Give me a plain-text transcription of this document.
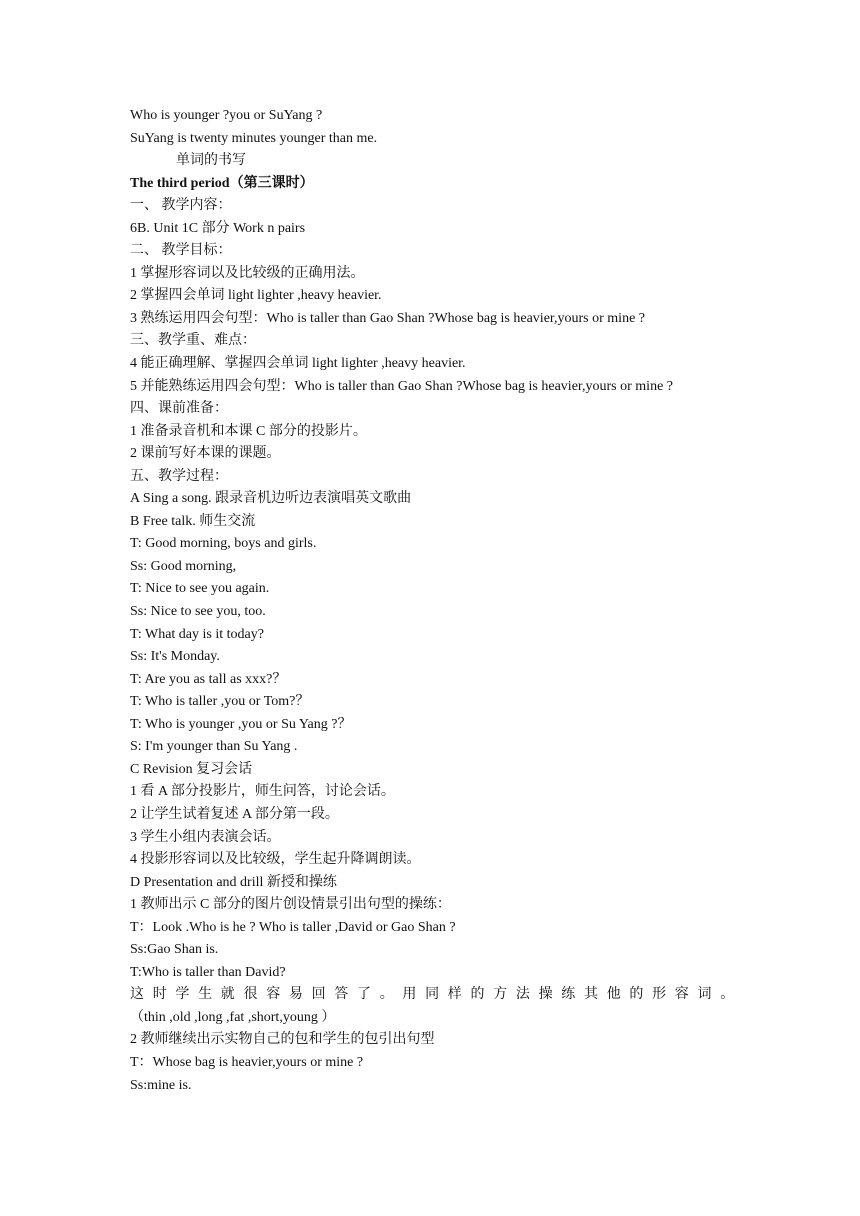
Who is younger ?you or SuYang ?
SuYang is twenty minutes younger than me.
单词的书写
The third period（第三课时）
一、 教学内容：
6B. Unit 1C 部分 Work n pairs
二、 教学目标：
1 掌握形容词以及比较级的正确用法。
2 掌握四会单词 light lighter ,heavy heavier.
3 熟练运用四会句型：Who is taller than Gao Shan ?Whose bag is heavier,yours or mine ?
三、教学重、难点：
4 能正确理解、掌握四会单词 light lighter ,heavy heavier.
5 并能熟练运用四会句型：Who is taller than Gao Shan ?Whose bag is heavier,yours or mine ?
四、课前准备：
1 准备录音机和本课 C 部分的投影片。
2 课前写好本课的课题。
五、教学过程：
A Sing a song. 跟录音机边听边表演唱英文歌曲
B Free talk. 师生交流
T: Good morning, boys and girls.
Ss: Good morning,
T: Nice to see you again.
Ss: Nice to see you, too.
T: What day is it today?
Ss: It's Monday.
T: Are you as tall as xxx?？
T: Who is taller ,you or Tom?？
T: Who is younger ,you or Su Yang ?？
S: I'm younger than Su Yang .
C Revision 复习会话
1 看 A 部分投影片，师生问答，讨论会话。
2 让学生试着复述 A 部分第一段。
3 学生小组内表演会话。
4 投影形容词以及比较级，学生起升降调朗读。
D Presentation and drill 新授和操练
1 教师出示 C 部分的图片创设情景引出句型的操练：
T：Look .Who is he ? Who is taller ,David or Gao Shan ?
Ss:Gao Shan is.
T:Who is taller than David?
这 时 学 生 就 很 容 易 回 答 了 。 用 同 样 的 方 法 操 练 其 他 的 形 容 词 。
（thin ,old ,long ,fat ,short,young ）
2 教师继续出示实物自己的包和学生的包引出句型
T：Whose bag is heavier,yours or mine ?
Ss:mine is.
